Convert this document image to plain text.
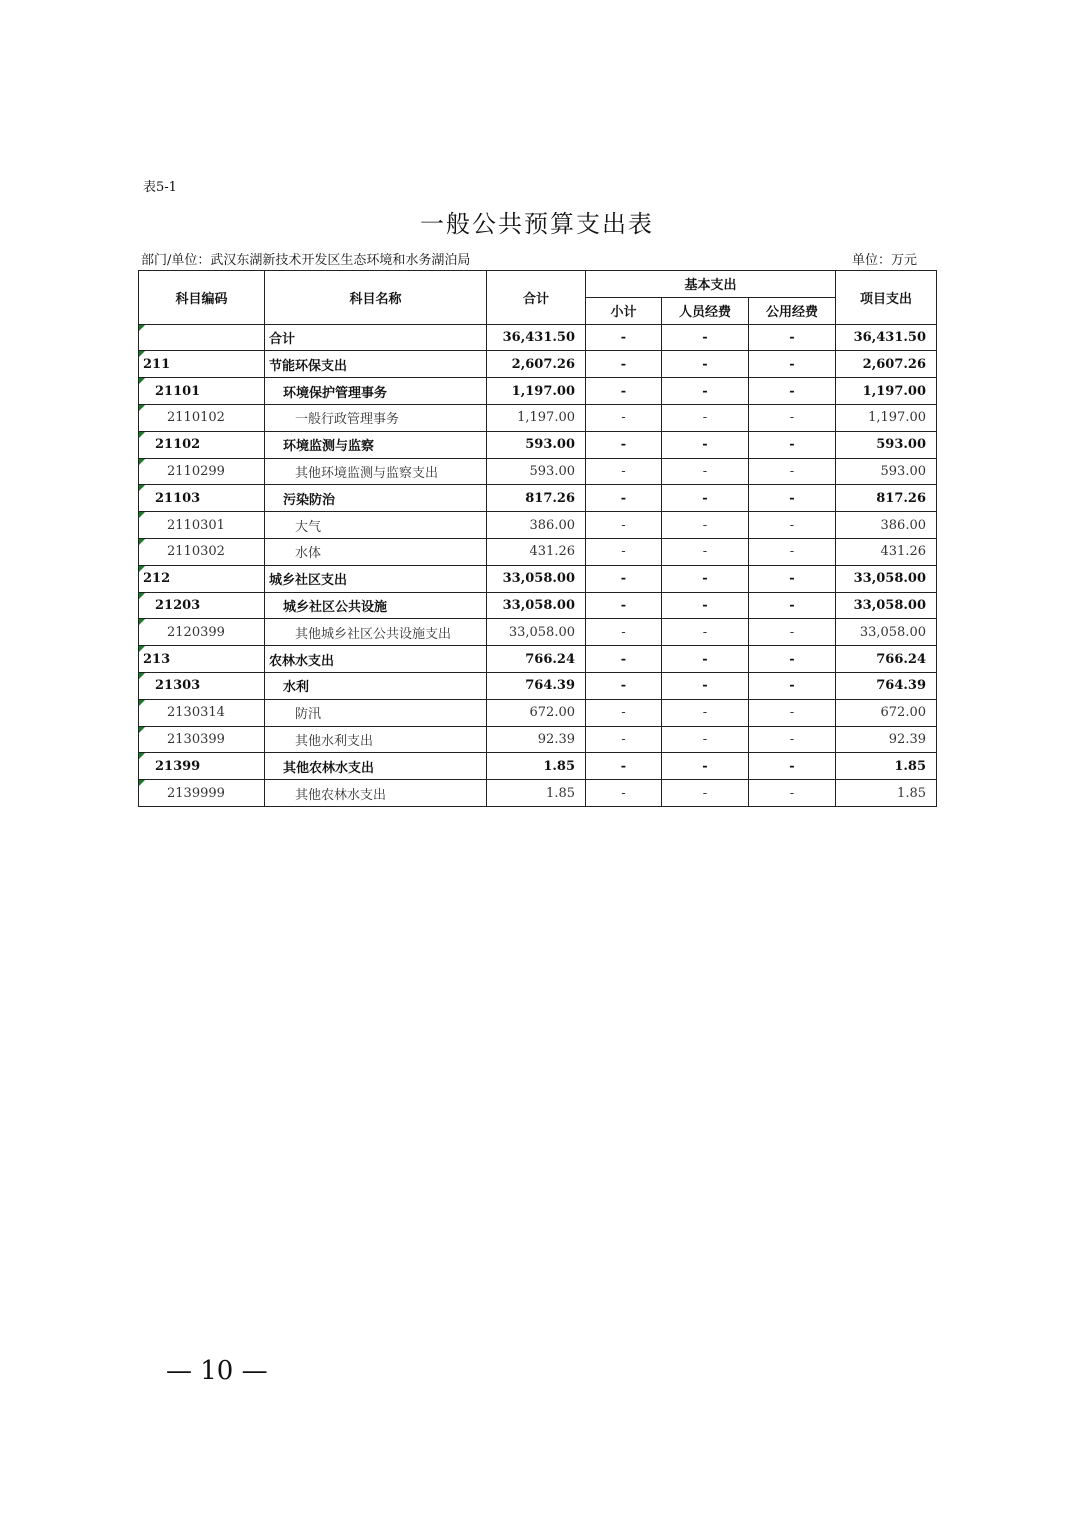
表5-1
一般公共预算支出表
部门/单位：武汉东湖新技术开发区生态环境和水务湖泊局	单位：万元
科目编码	科目名称	合计	基本支出			项目支出
			小计	人员经费	公用经费	
	合计	36,431.50	-	-	-	36,431.50
211	节能环保支出	2,607.26	-	-	-	2,607.26
21101	环境保护管理事务	1,197.00	-	-	-	1,197.00
2110102	一般行政管理事务	1,197.00	-	-	-	1,197.00
21102	环境监测与监察	593.00	-	-	-	593.00
2110299	其他环境监测与监察支出	593.00	-	-	-	593.00
21103	污染防治	817.26	-	-	-	817.26
2110301	大气	386.00	-	-	-	386.00
2110302	水体	431.26	-	-	-	431.26
212	城乡社区支出	33,058.00	-	-	-	33,058.00
21203	城乡社区公共设施	33,058.00	-	-	-	33,058.00
2120399	其他城乡社区公共设施支出	33,058.00	-	-	-	33,058.00
213	农林水支出	766.24	-	-	-	766.24
21303	水利	764.39	-	-	-	764.39
2130314	防汛	672.00	-	-	-	672.00
2130399	其他水利支出	92.39	-	-	-	92.39
21399	其他农林水支出	1.85	-	-	-	1.85
2139999	其他农林水支出	1.85	-	-	-	1.85
— 10 —
